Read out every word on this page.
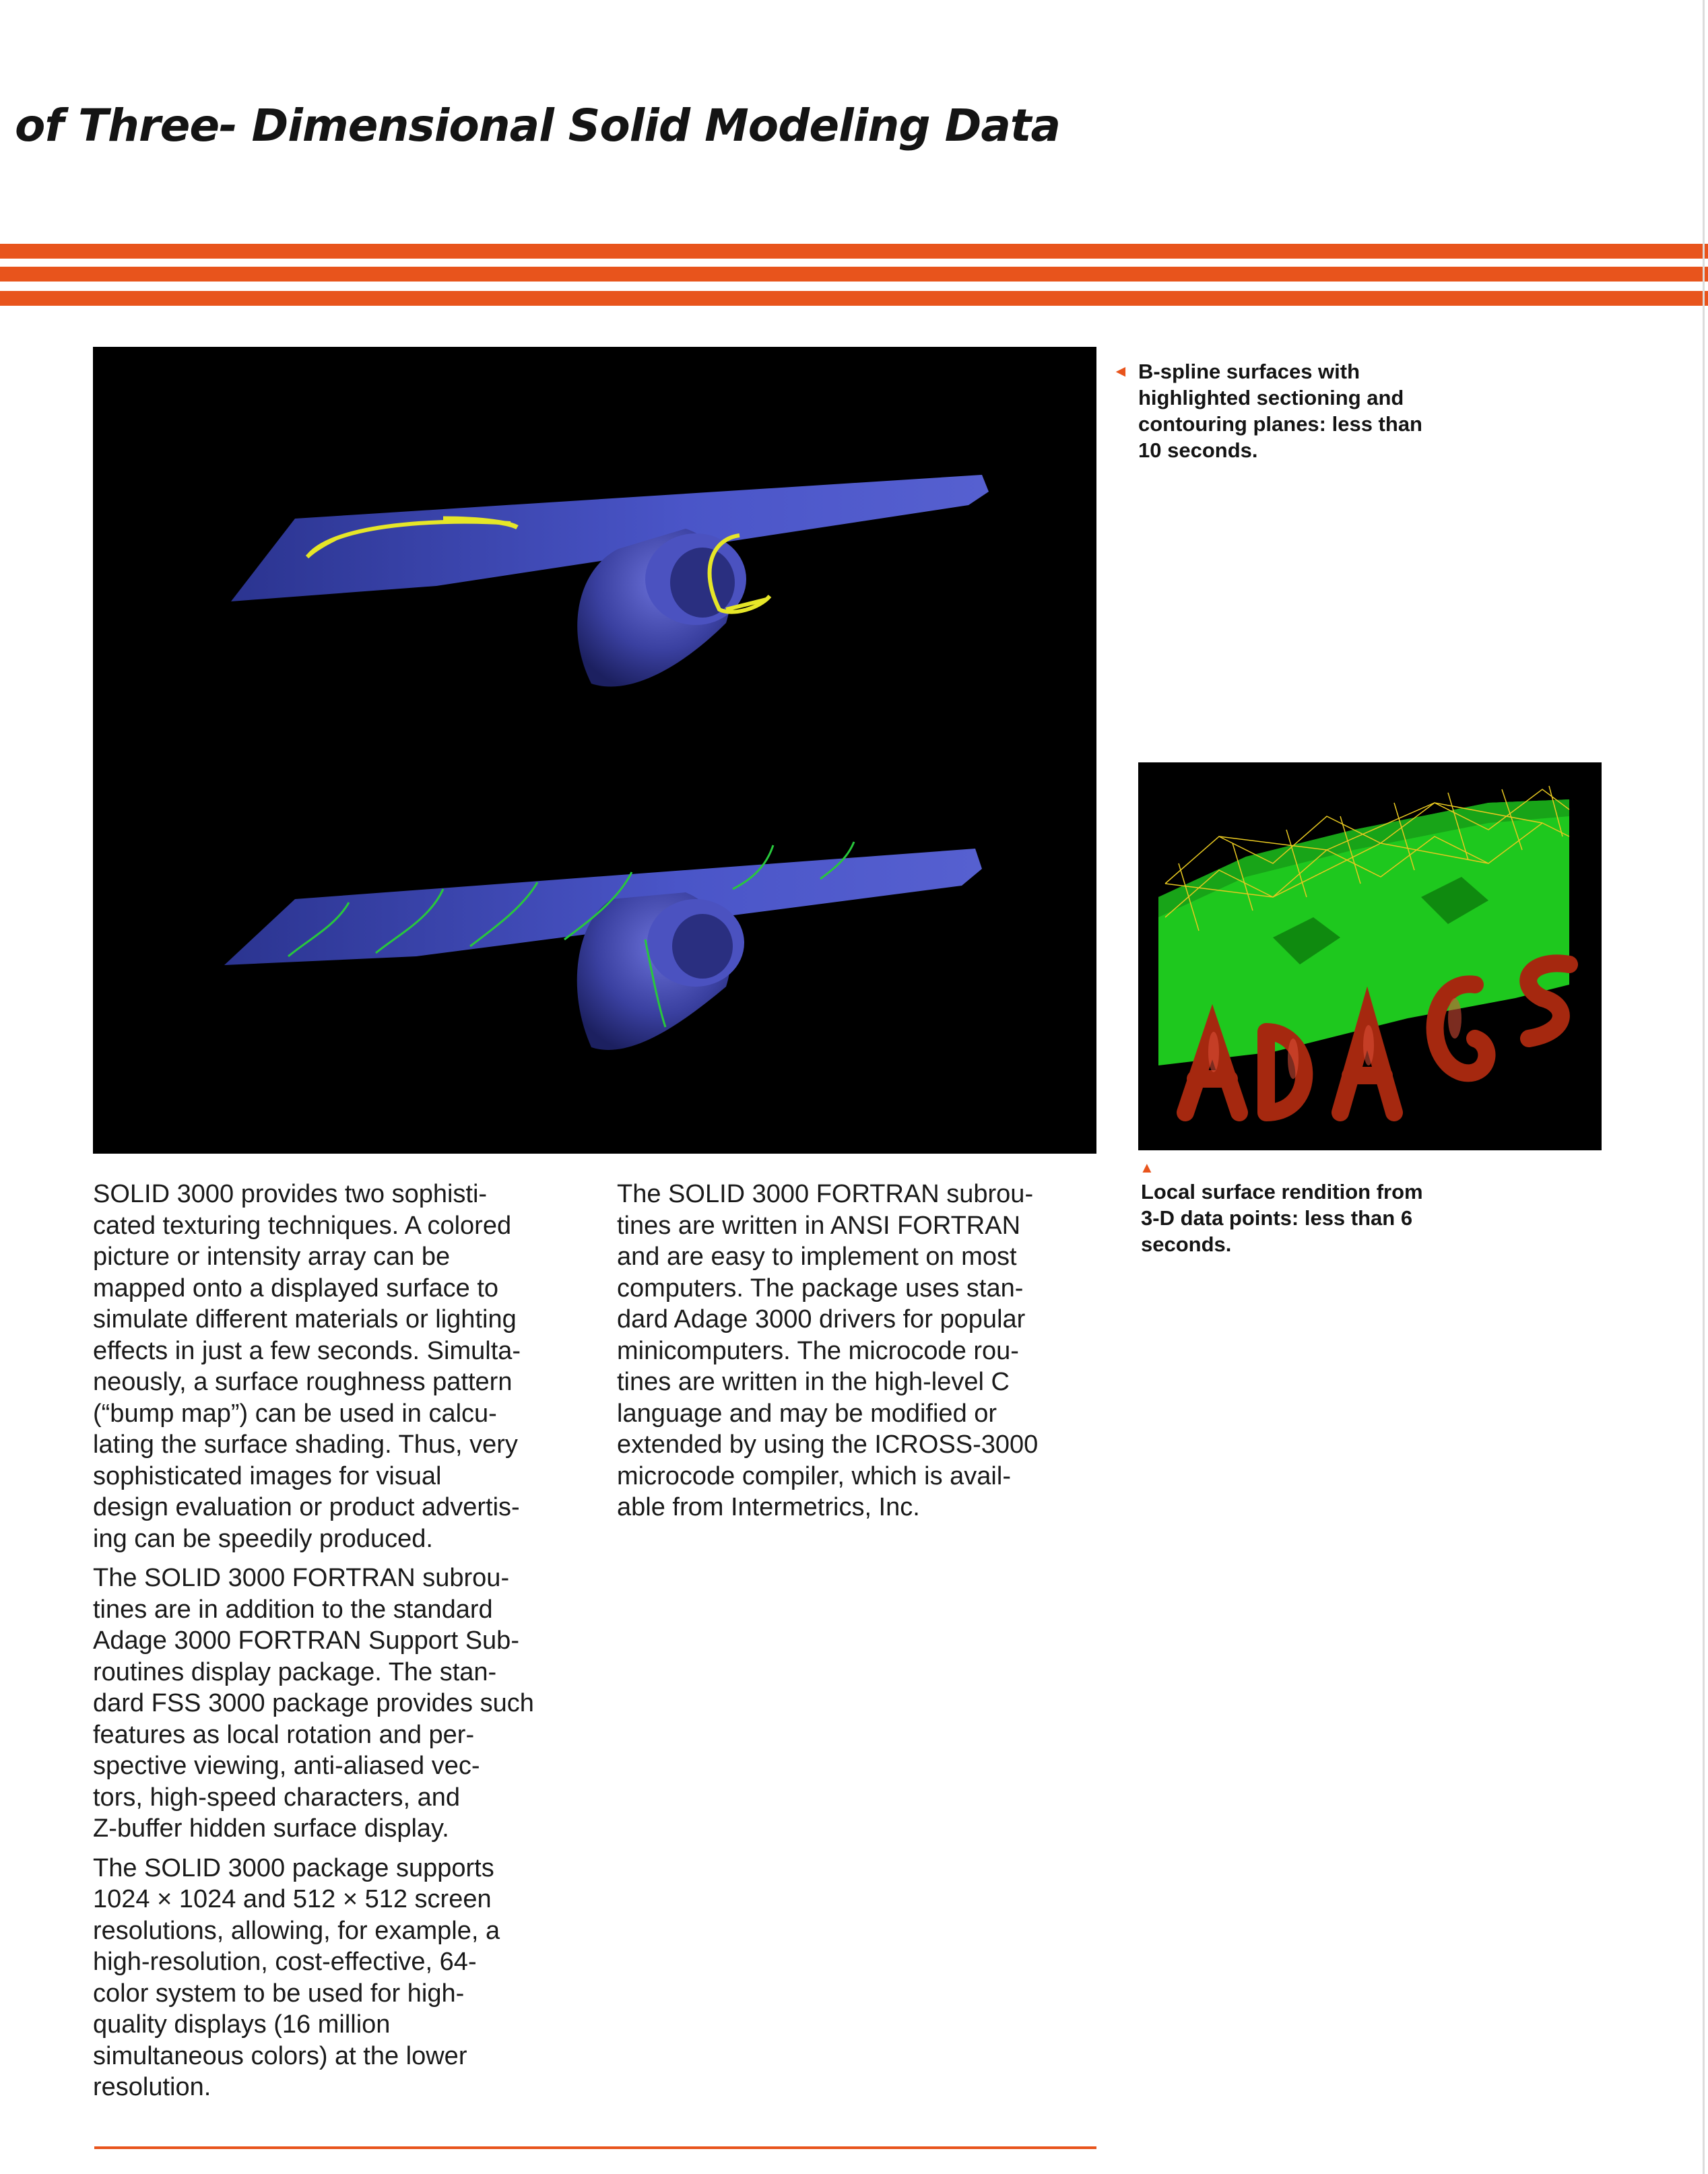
of Three- Dimensional Solid Modeling Data
◄ B-spline surfaces with
highlighted sectioning and
contouring planes: less than
10 seconds.
▲
Local surface rendition from
3-D data points: less than 6
seconds.

SOLID 3000 provides two sophisti-
cated texturing techniques. A colored
picture or intensity array can be
mapped onto a displayed surface to
simulate different materials or lighting
effects in just a few seconds. Simulta-
neously, a surface roughness pattern
(“bump map”) can be used in calcu-
lating the surface shading. Thus, very
sophisticated images for visual
design evaluation or product advertis-
ing can be speedily produced.

The SOLID 3000 FORTRAN subrou-
tines are in addition to the standard
Adage 3000 FORTRAN Support Sub-
routines display package. The stan-
dard FSS 3000 package provides such
features as local rotation and per-
spective viewing, anti-aliased vec-
tors, high-speed characters, and
Z-buffer hidden surface display.

The SOLID 3000 package supports
1024 × 1024 and 512 × 512 screen
resolutions, allowing, for example, a
high-resolution, cost-effective, 64-
color system to be used for high-
quality displays (16 million
simultaneous colors) at the lower
resolution.

The SOLID 3000 FORTRAN subrou-
tines are written in ANSI FORTRAN
and are easy to implement on most
computers. The package uses stan-
dard Adage 3000 drivers for popular
minicomputers. The microcode rou-
tines are written in the high-level C
language and may be modified or
extended by using the ICROSS-3000
microcode compiler, which is avail-
able from Intermetrics, Inc.
